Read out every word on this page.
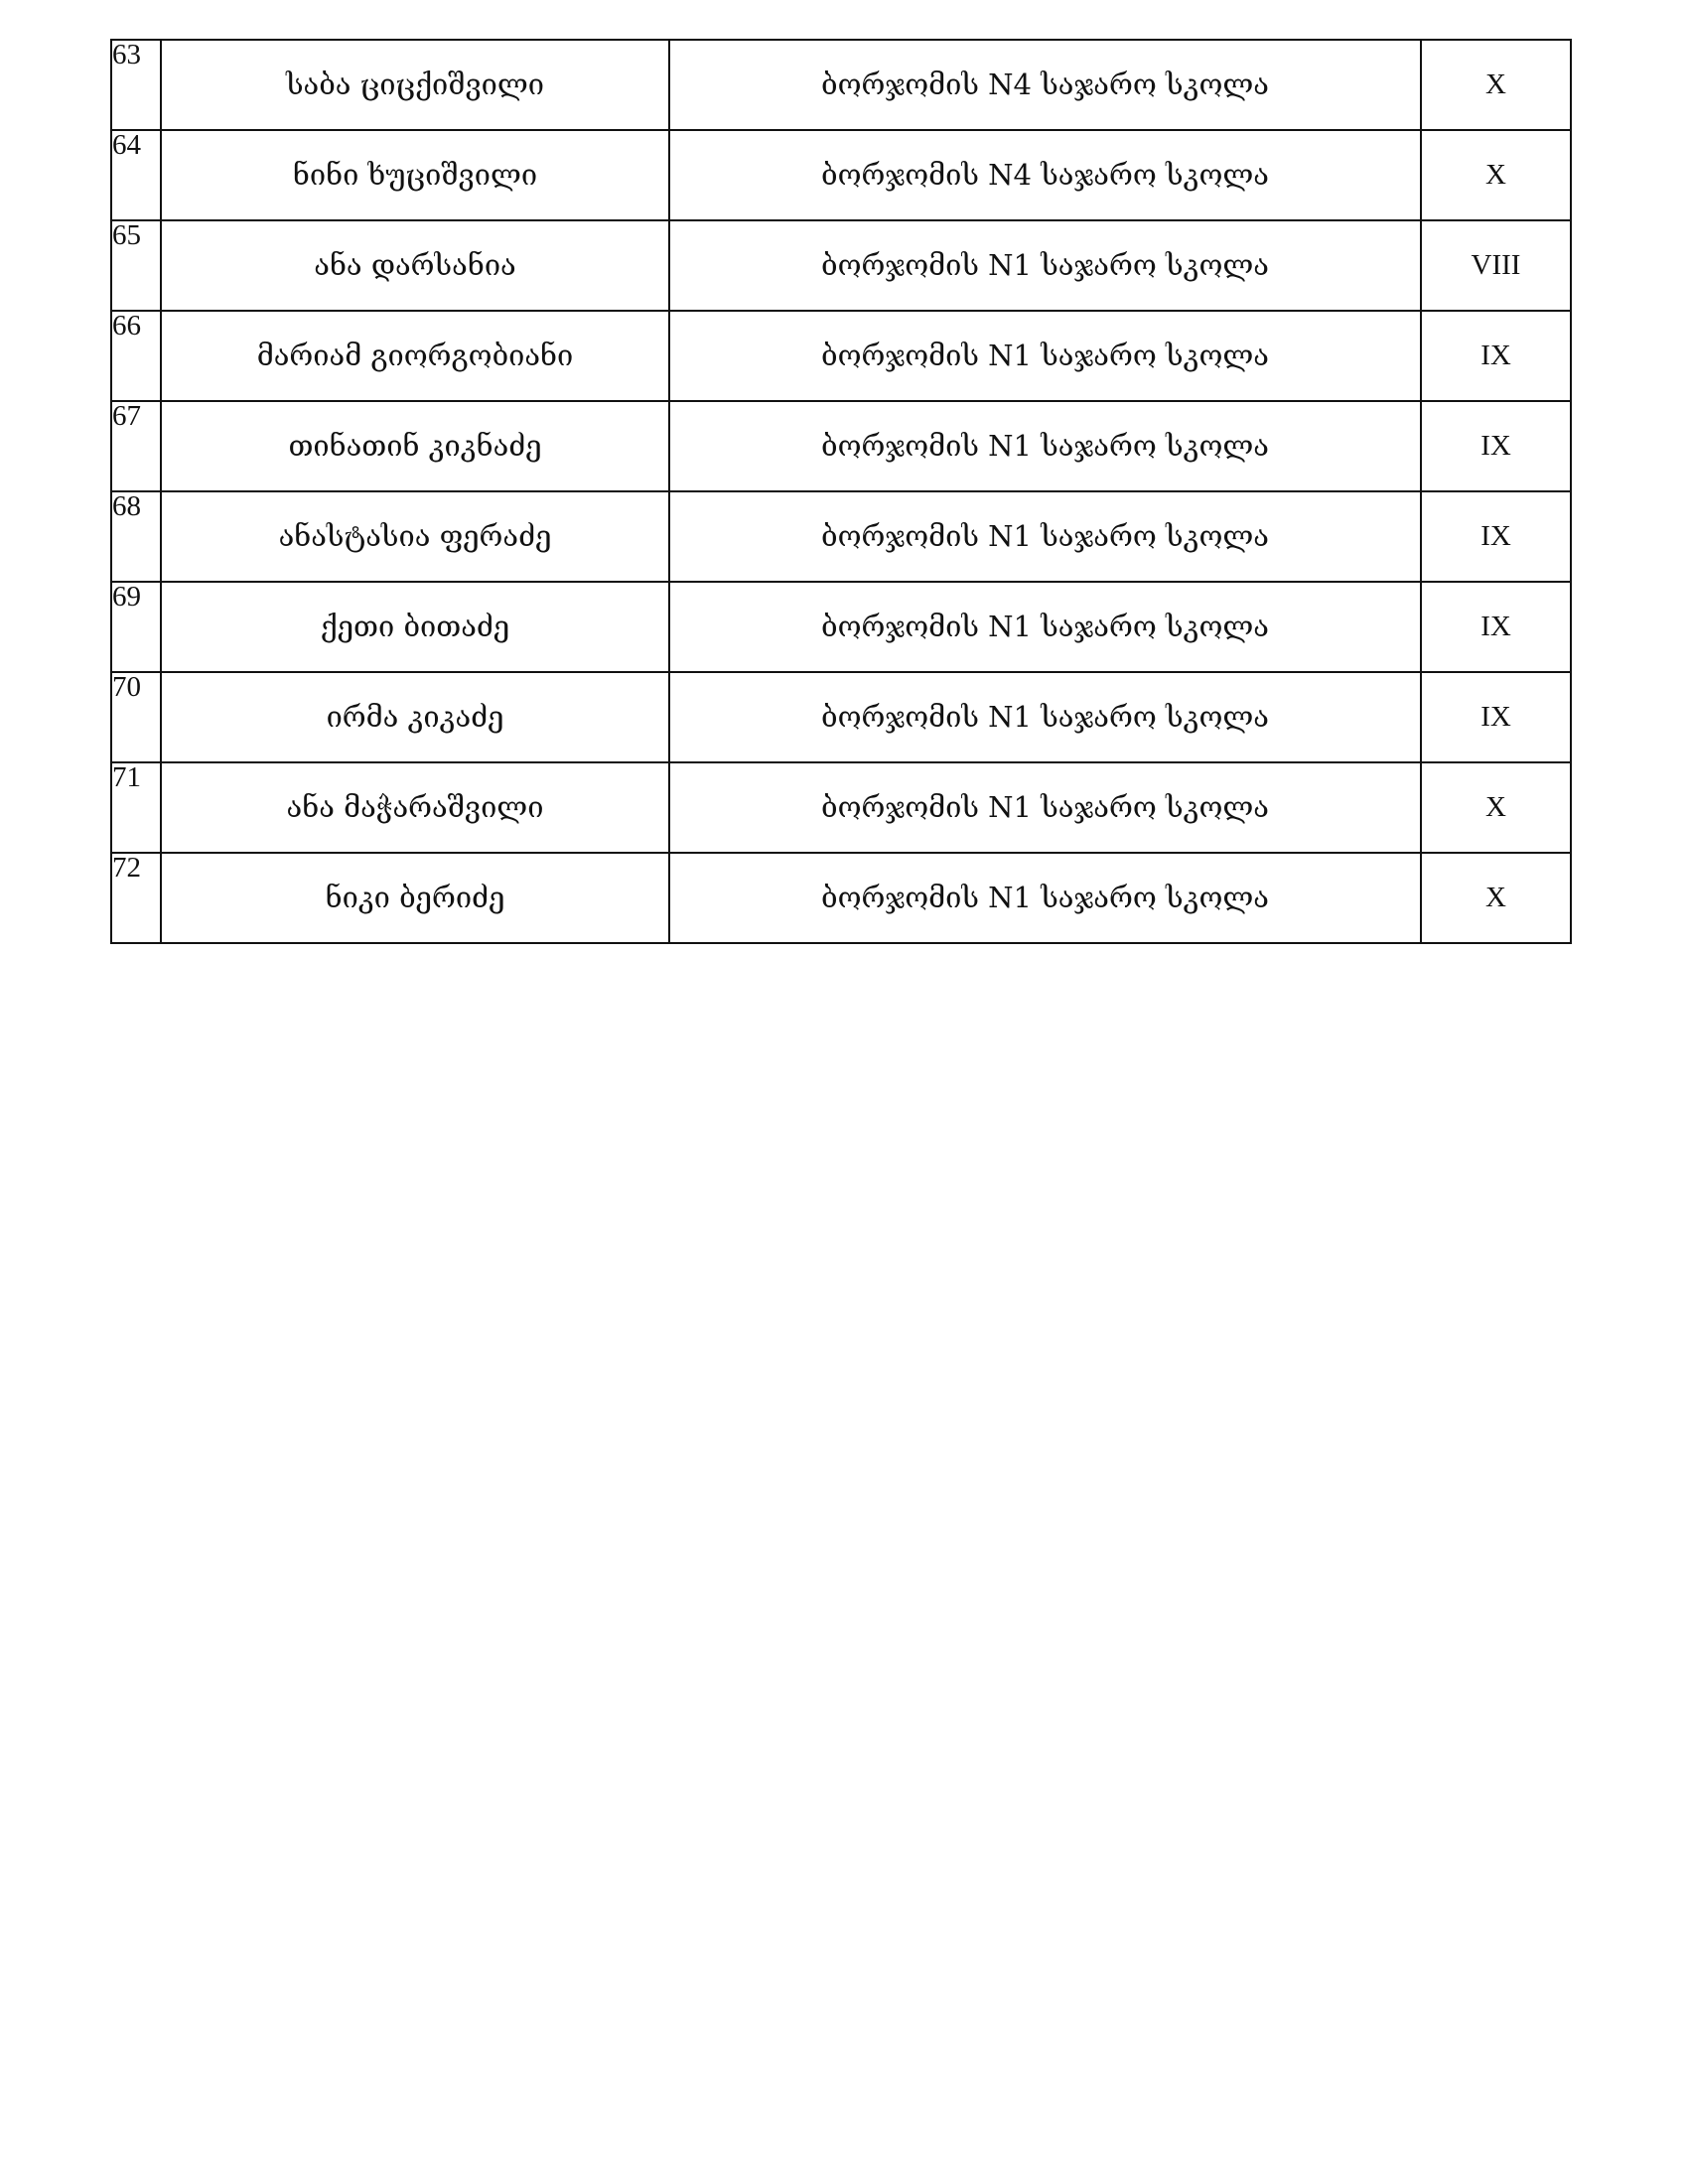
63	საბა ციცქიშვილი	ბორჯომის N4 საჯარო სკოლა	X
64	ნინი ხუციშვილი	ბორჯომის N4 საჯარო სკოლა	X
65	ანა დარსანია	ბორჯომის N1 საჯარო სკოლა	VIII
66	მარიამ გიორგობიანი	ბორჯომის N1 საჯარო სკოლა	IX
67	თინათინ კიკნაძე	ბორჯომის N1 საჯარო სკოლა	IX
68	ანასტასია ფერაძე	ბორჯომის N1 საჯარო სკოლა	IX
69	ქეთი ბითაძე	ბორჯომის N1 საჯარო სკოლა	IX
70	ირმა კიკაძე	ბორჯომის N1 საჯარო სკოლა	IX
71	ანა მაჭარაშვილი	ბორჯომის N1 საჯარო სკოლა	X
72	ნიკი ბერიძე	ბორჯომის N1 საჯარო სკოლა	X
